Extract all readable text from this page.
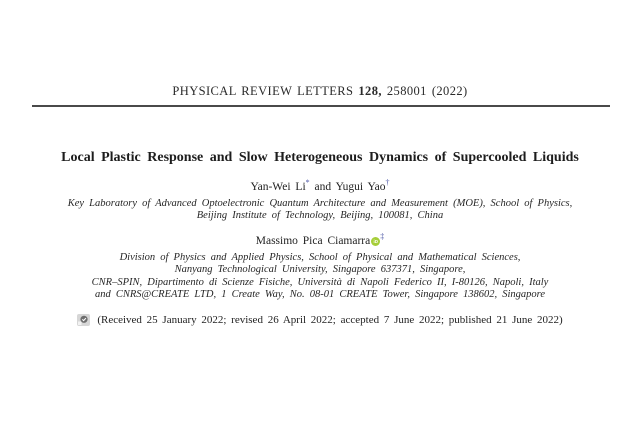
PHYSICAL REVIEW LETTERS 128, 258001 (2022)
Local Plastic Response and Slow Heterogeneous Dynamics of Supercooled Liquids
Yan-Wei Li* and Yugui Yao†
Key Laboratory of Advanced Optoelectronic Quantum Architecture and Measurement (MOE), School of Physics,
Beijing Institute of Technology, Beijing, 100081, China
Massimo Pica Ciamarra iD‡
Division of Physics and Applied Physics, School of Physical and Mathematical Sciences,
Nanyang Technological University, Singapore 637371, Singapore,
CNR–SPIN, Dipartimento di Scienze Fisiche, Università di Napoli Federico II, I-80126, Napoli, Italy
and CNRS@CREATE LTD, 1 Create Way, No. 08-01 CREATE Tower, Singapore 138602, Singapore
(Received 25 January 2022; revised 26 April 2022; accepted 7 June 2022; published 21 June 2022)
